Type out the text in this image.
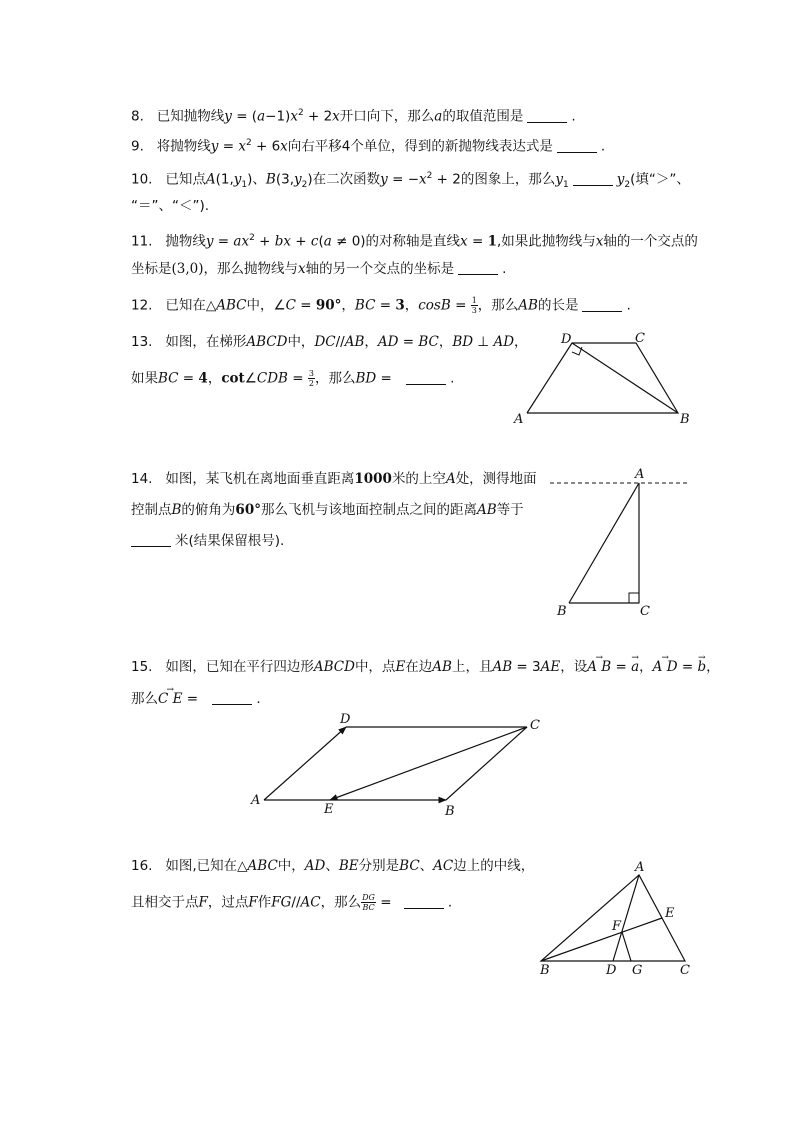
8. 已知抛物线$y = (a-1)x^2 + 2x$开口向下，那么a的取值范围是	.
9. 将抛物线$y = x^2 + 6x$向右平移4个单位，得到的新抛物线表达式是	.
10. 已知点$A(1,y_1)$、$B(3,y_2)$在二次函数$y = -x^2 + 2$的图象上，那么$y_1$	$y_2$(填“＞”、
“＝”、“＜”).
11. 抛物线$y = ax^2$ + bx + c(a ≠ 0)的对称轴是直线x = 1,如果此抛物线与x轴的一个交点的
坐标是(3,0)，那么抛物线与x轴的另一个交点的坐标是	.
12. 已知在△ABC中，∠C = 90°，BC = 3，$\cos B = \frac{1}{3}$ ，那么AB的长是	.
13. 如图，在梯形ABCD中，DC//AB，AD = BC，BD ⊥ AD，
如果BC = 4，cot∠CDB = $\frac{3}{2}$ ，那么BD =	.
14. 如图，某飞机在离地面垂直距离1000米的上空A处，测得地面
控制点B的俯角为60°那么飞机与该地面控制点之间的距离AB等于
米(结果保留根号).
15. 如图，已知在平行四边形ABCD中，点E在边AB上，且AB = 3AE，设→ A B = → a，→ A D = → b，
那么→ C E =	.
16. 如图,已知在△ABC中，AD、BE分别是BC、AC边上的中线，
且相交于点F，过点F作FG//AC，那么 $\frac{DG}{BC}$ =	.
D	C
A	B
A
B	C
A
D	C
B
E
A
B	C
D G
E
F
